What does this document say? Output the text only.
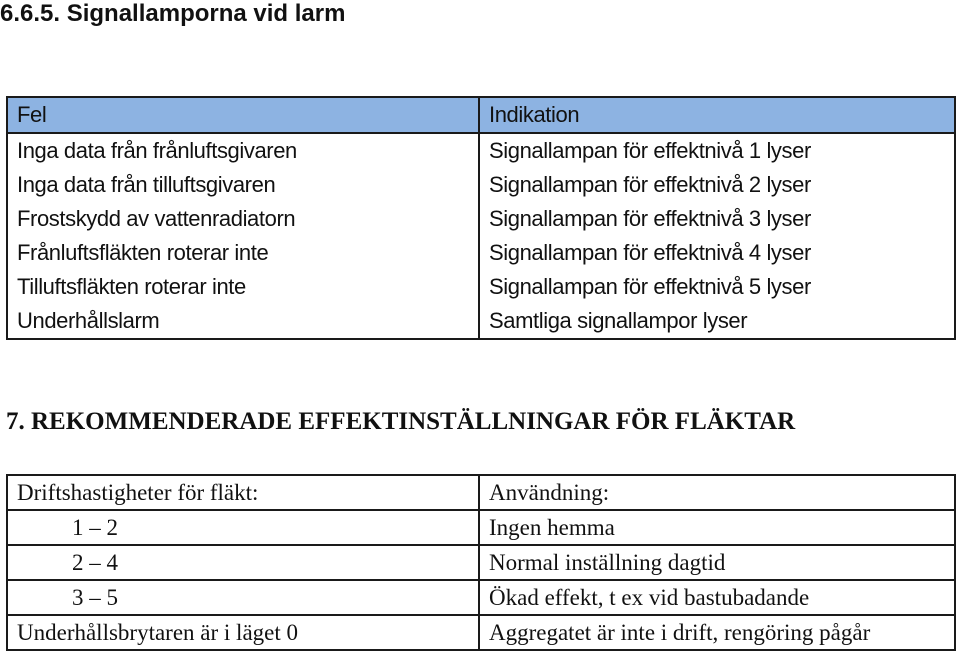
6.6.5. Signallamporna vid larm
Fel	Indikation
Inga data från frånluftsgivaren	Signallampan för effektnivå 1 lyser
Inga data från tilluftsgivaren	Signallampan för effektnivå 2 lyser
Frostskydd av vattenradiatorn	Signallampan för effektnivå 3 lyser
Frånluftsfläkten roterar inte	Signallampan för effektnivå 4 lyser
Tilluftsfläkten roterar inte	Signallampan för effektnivå 5 lyser
Underhållslarm	Samtliga signallampor lyser
7. REKOMMENDERADE EFFEKTINSTÄLLNINGAR FÖR FLÄKTAR
Driftshastigheter för fläkt:	Användning:
1 – 2	Ingen hemma
2 – 4	Normal inställning dagtid
3 – 5	Ökad effekt, t ex vid bastubadande
Underhållsbrytaren är i läget 0	Aggregatet är inte i drift, rengöring pågår
